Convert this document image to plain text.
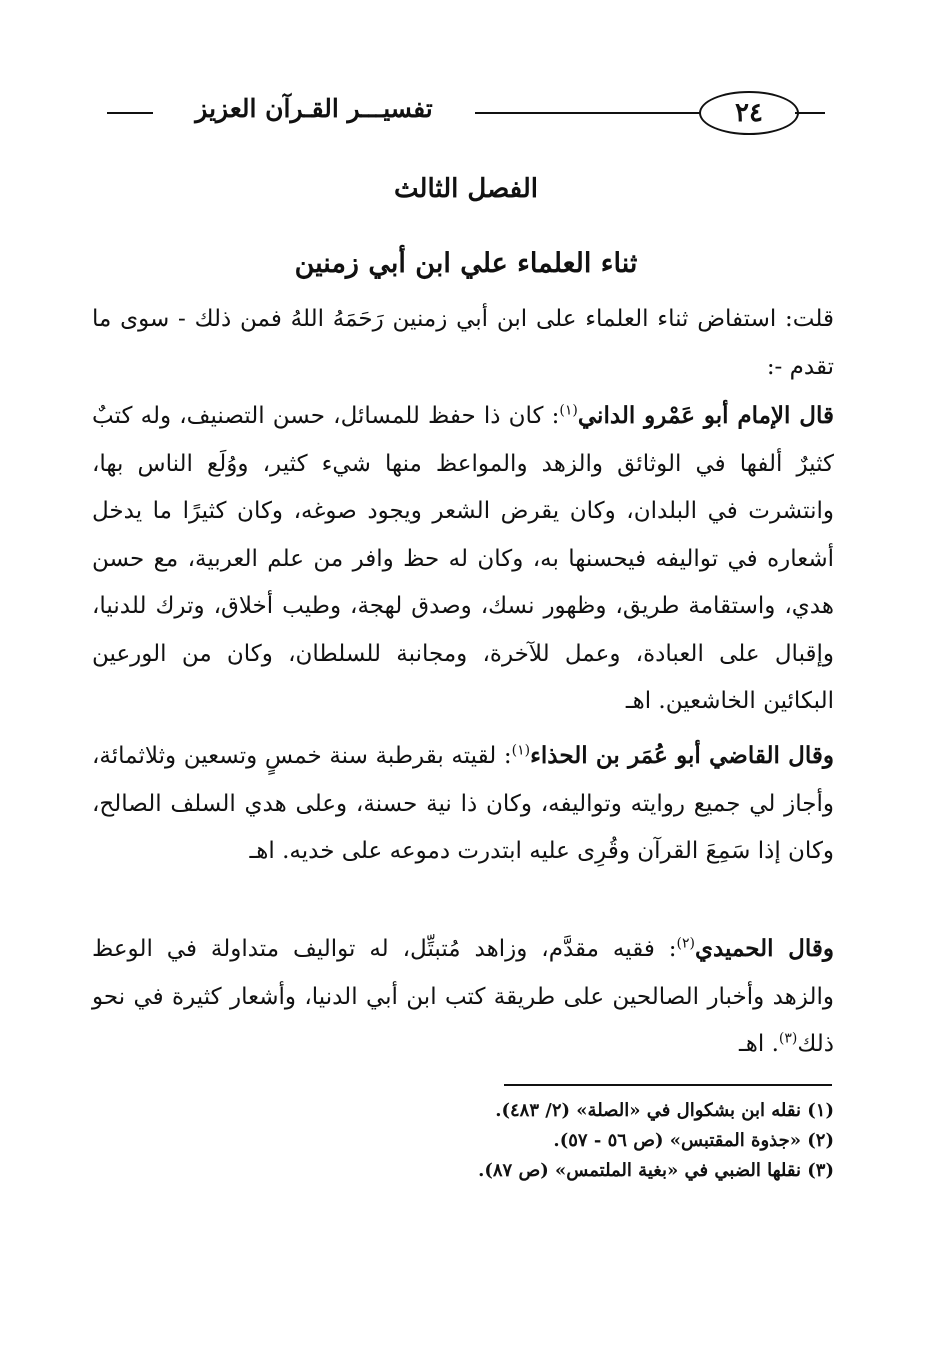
تفسيـــر القـرآن العزيز	٢٤
الفصل الثالث
ثناء العلماء علي ابن أبي زمنين
قلت: استفاض ثناء العلماء على ابن أبي زمنين رَحَمَهُ اللهُ فمن ذلك - سوى ما تقدم -:
قال الإمام أبو عَمْرو الداني$^{(١)}$: كان ذا حفظ للمسائل، حسن التصنيف، وله كتبٌ كثيرٌ ألفها في الوثائق والزهد والمواعظ منها شيء كثير، ووُلَع الناس بها، وانتشرت في البلدان، وكان يقرض الشعر ويجود صوغه، وكان كثيرًا ما يدخل أشعاره في تواليفه فيحسنها به، وكان له حظ وافر من علم العربية، مع حسن هدي، واستقامة طريق، وظهور نسك، وصدق لهجة، وطيب أخلاق، وترك للدنيا، وإقبال على العبادة، وعمل للآخرة، ومجانبة للسلطان، وكان من الورعين البكائين الخاشعين. اهـ
وقال القاضي أبو عُمَر بن الحذاء$^{(١)}$: لقيته بقرطبة سنة خمسٍ وتسعين وثلاثمائة، وأجاز لي جميع روايته وتواليفه، وكان ذا نية حسنة، وعلى هدي السلف الصالح، وكان إذا سَمِعَ القرآن وقُرِى عليه ابتدرت دموعه على خديه. اهـ
وقال الحميدي$^{(٢)}$: فقيه مقدَّم، وزاهد مُتبتِّل، له تواليف متداولة في الوعظ والزهد وأخبار الصالحين على طريقة كتب ابن أبي الدنيا، وأشعار كثيرة في نحو ذلك$^{(٣)}$. اهـ
(١) نقله ابن بشكوال في «الصلة» (٢/ ٤٨٣).
(٢) «جذوة المقتبس» (ص ٥٦ - ٥٧).
(٣) نقلها الضبي في «بغية الملتمس» (ص ٨٧).
